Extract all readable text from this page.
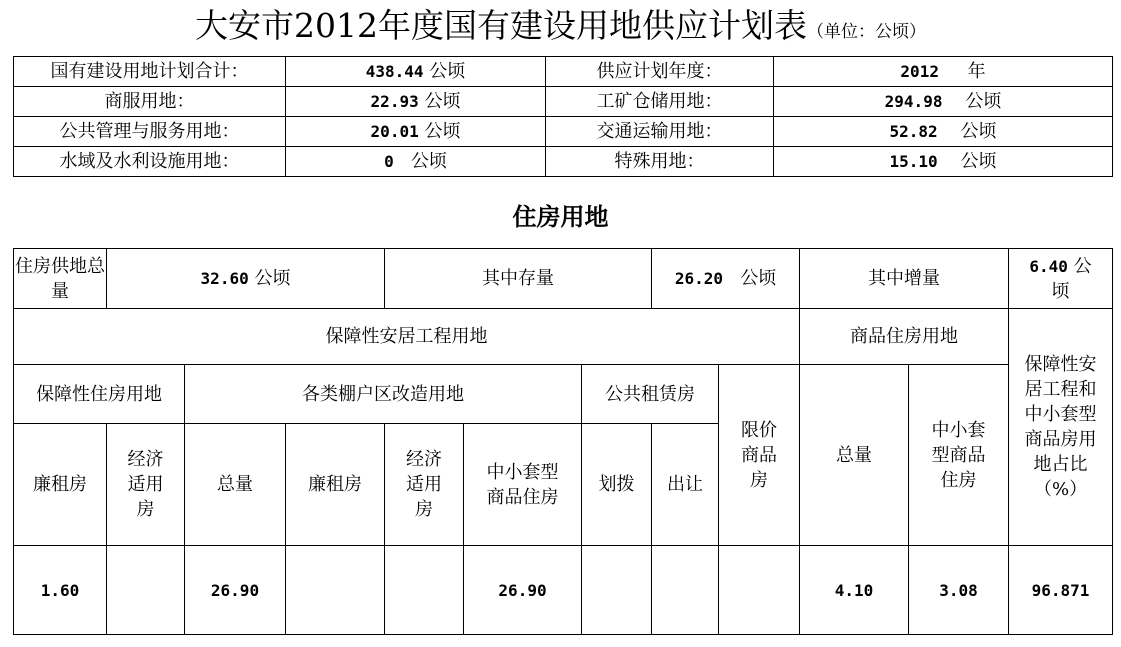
大安市2012年度国有建设用地供应计划表（单位：公顷）
国有建设用地计划合计：	438.44 公顷	供应计划年度：	2012 年
商服用地：	22.93 公顷	工矿仓储用地：	294.98 公顷
公共管理与服务用地：	20.01 公顷	交通运输用地：	52.82 公顷
水域及水利设施用地：	0 公顷	特殊用地：	15.10 公顷
住房用地
住房供地总量	32.60 公顷			其中存量			26.20 公顷		其中增量		6.40 公顷
保障性安居工程用地									商品住房用地		保障性安居工程和中小套型商品房用地占比（%）
保障性住房用地		各类棚户区改造用地				公共租赁房		限价商品房	总量	中小套型商品住房	
廉租房	经济适用房	总量	廉租房	经济适用房	中小套型商品住房	划拨	出让				
1.60		26.90			26.90				4.10	3.08	96.871
